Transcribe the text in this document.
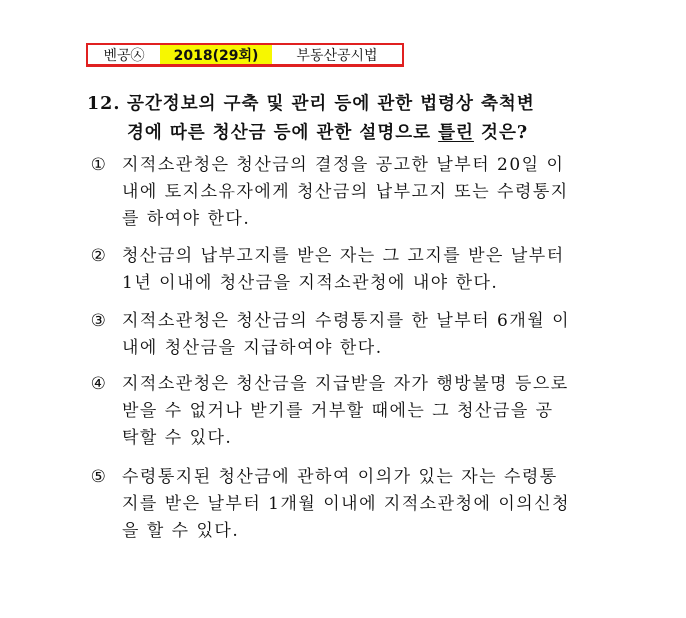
벤공㉦	2018(29회)	부동산공시법
12. 공간정보의 구축 및 관리 등에 관한 법령상 축척변
경에 따른 청산금 등에 관한 설명으로 틀린 것은?
① 지적소관청은 청산금의 결정을 공고한 날부터 20일 이
내에 토지소유자에게 청산금의 납부고지 또는 수령통지
를 하여야 한다.
② 청산금의 납부고지를 받은 자는 그 고지를 받은 날부터
1년 이내에 청산금을 지적소관청에 내야 한다.
③ 지적소관청은 청산금의 수령통지를 한 날부터 6개월 이
내에 청산금을 지급하여야 한다.
④ 지적소관청은 청산금을 지급받을 자가 행방불명 등으로
받을 수 없거나 받기를 거부할 때에는 그 청산금을 공
탁할 수 있다.
⑤ 수령통지된 청산금에 관하여 이의가 있는 자는 수령통
지를 받은 날부터 1개월 이내에 지적소관청에 이의신청
을 할 수 있다.
